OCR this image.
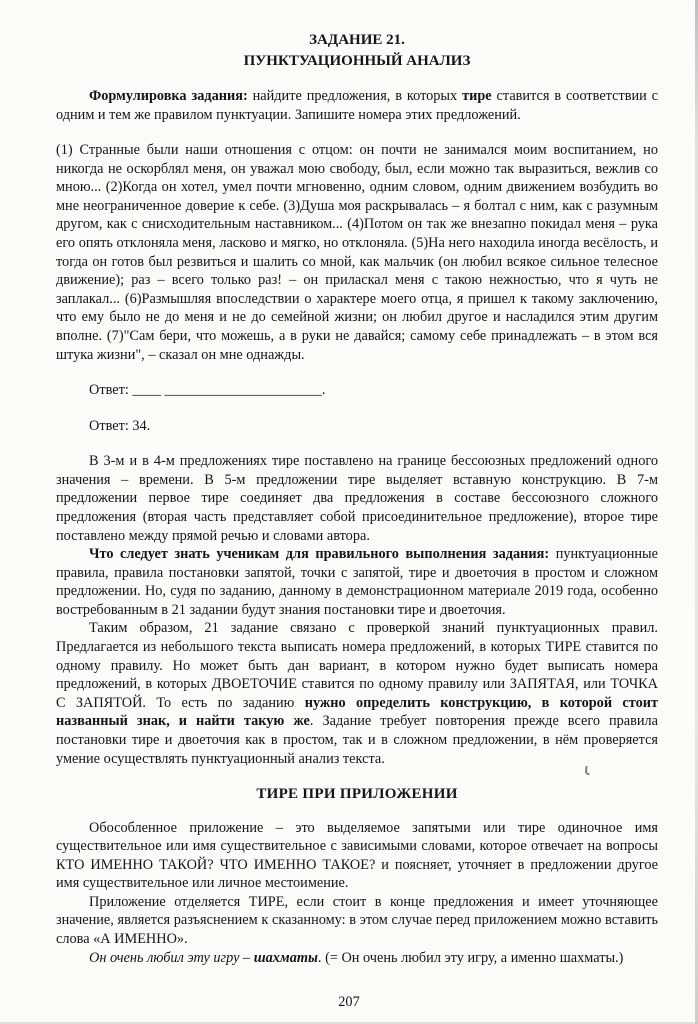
ЗАДАНИЕ 21.
ПУНКТУАЦИОННЫЙ АНАЛИЗ

Формулировка задания: найдите предложения, в которых тире ставится в соответствии с одним и тем же правилом пунктуации. Запишите номера этих предложений.

(1) Странные были наши отношения с отцом: он почти не занимался моим воспитанием, но никогда не оскорблял меня, он уважал мою свободу, был, если можно так выразиться, вежлив со мною... (2)Когда он хотел, умел почти мгновенно, одним словом, одним движением возбудить во мне неограниченное доверие к себе. (3)Душа моя раскрывалась – я болтал с ним, как с разумным другом, как с снисходительным наставником... (4)Потом он так же внезапно покидал меня – рука его опять отклоняла меня, ласково и мягко, но отклоняла. (5)На него находила иногда весёлость, и тогда он готов был резвиться и шалить со мной, как мальчик (он любил всякое сильное телесное движение); раз – всего только раз! – он приласкал меня с такою нежностью, что я чуть не заплакал... (6)Размышляя впоследствии о характере моего отца, я пришел к такому заключению, что ему было не до меня и не до семейной жизни; он любил другое и насладился этим другим вполне. (7)"Сам бери, что можешь, а в руки не давайся; самому себе принадлежать – в этом вся штука жизни", – сказал он мне однажды.

Ответ: ____ ______________________.

Ответ: 34.

В 3-м и в 4-м предложениях тире поставлено на границе бессоюзных предложений одного значения – времени. В 5-м предложении тире выделяет вставную конструкцию. В 7-м предложении первое тире соединяет два предложения в составе бессоюзного сложного предложения (вторая часть представляет собой присоединительное предложение), второе тире поставлено между прямой речью и словами автора.

Что следует знать ученикам для правильного выполнения задания: пунктуационные правила, правила постановки запятой, точки с запятой, тире и двоеточия в простом и сложном предложении. Но, судя по заданию, данному в демонстрационном материале 2019 года, особенно востребованным в 21 задании будут знания постановки тире и двоеточия.

Таким образом, 21 задание связано с проверкой знаний пунктуационных правил. Предлагается из небольшого текста выписать номера предложений, в которых ТИРЕ ставится по одному правилу. Но может быть дан вариант, в котором нужно будет выписать номера предложений, в которых ДВОЕТОЧИЕ ставится по одному правилу или ЗАПЯТАЯ, или ТОЧКА С ЗАПЯТОЙ. То есть по заданию нужно определить конструкцию, в которой стоит названный знак, и найти такую же. Задание требует повторения прежде всего правила постановки тире и двоеточия как в простом, так и в сложном предложении, в нём проверяется умение осуществлять пунктуационный анализ текста.

ТИРЕ ПРИ ПРИЛОЖЕНИИ

Обособленное приложение – это выделяемое запятыми или тире одиночное имя существительное или имя существительное с зависимыми словами, которое отвечает на вопросы КТО ИМЕННО ТАКОЙ? ЧТО ИМЕННО ТАКОЕ? и поясняет, уточняет в предложении другое имя существительное или личное местоимение.

Приложение отделяется ТИРЕ, если стоит в конце предложения и имеет уточняющее значение, является разъяснением к сказанному: в этом случае перед приложением можно вставить слова «А ИМЕННО».

Он очень любил эту игру – шахматы. (= Он очень любил эту игру, а именно шахматы.)

207
